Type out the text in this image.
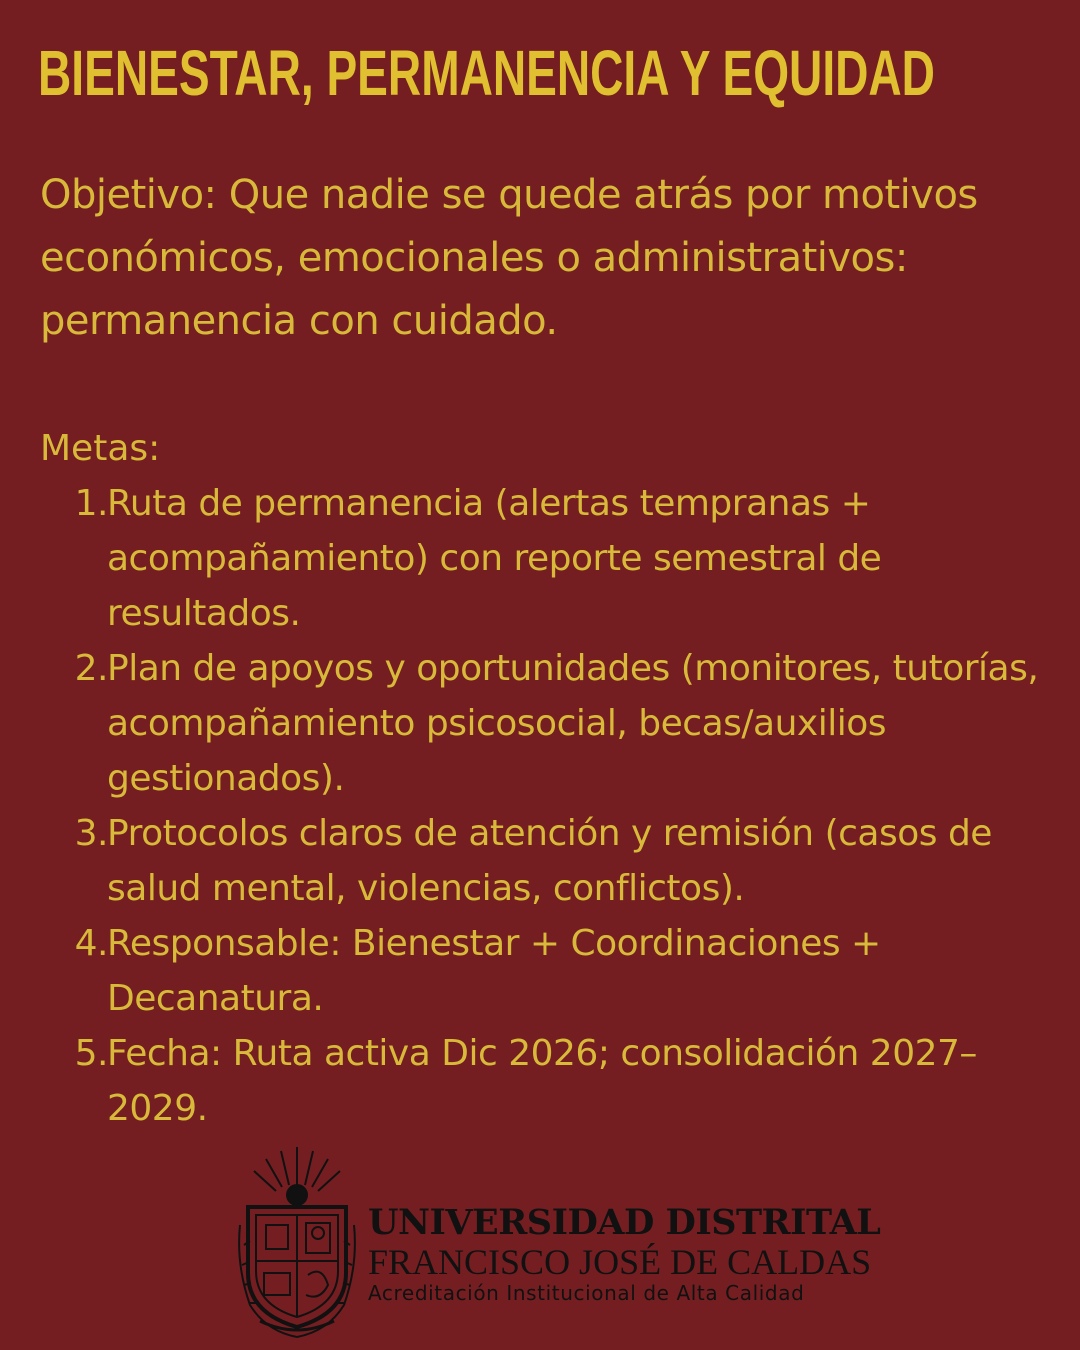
BIENESTAR, PERMANENCIA Y EQUIDAD
Objetivo: Que nadie se quede atrás por motivos económicos, emocionales o administrativos: permanencia con cuidado.
Metas:
1. Ruta de permanencia (alertas tempranas + acompañamiento) con reporte semestral de resultados.
2. Plan de apoyos y oportunidades (monitores, tutorías, acompañamiento psicosocial, becas/auxilios gestionados).
3. Protocolos claros de atención y remisión (casos de salud mental, violencias, conflictos).
4. Responsable: Bienestar + Coordinaciones + Decanatura.
5. Fecha: Ruta activa Dic 2026; consolidación 2027–2029.
UNIVERSIDAD DISTRITAL
FRANCISCO JOSÉ DE CALDAS
Acreditación Institucional de Alta Calidad
